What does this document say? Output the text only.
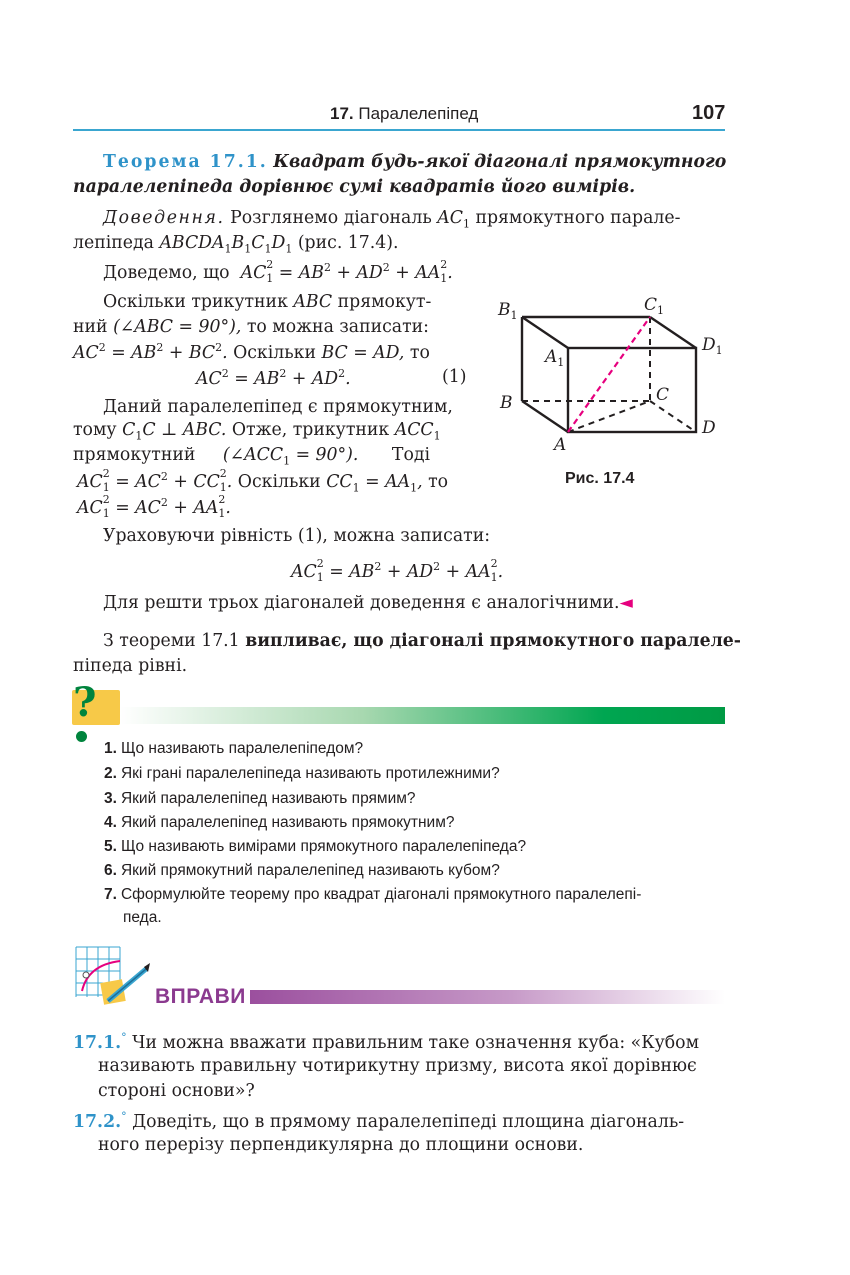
17. Паралелепіпед	107
Теорема 17.1. Квадрат будь-якої діагоналі прямокутного
паралелепіпеда дорівнює сумі квадратів його вимірів.
Доведення. Розглянемо діагональ $AC_1$ прямокутного парале-
лепіпеда $ABCDA_1B_1C_1D_1$ (рис. 17.4).
Доведемо, що AC $_{2 1} = AB^2 + AD^2$ + AA $_{2 1}$.
Оскільки трикутник ABC прямокут-
ний (∠ABC = 90°), то можна записати:
$AC^2 = AB^2 + BC^2$. Оскільки BC = AD, то
$AC^2 = AB^2 + AD^2$.	(1)
Даний паралелепіпед є прямокутним,
тому $C_1C$ ⊥ ABC. Отже, трикутник $ACC_1$
прямокутний $(\angle ACC_1 = 90^\circ)$. Тоді
AC $_{2 1} = AC^2$ + CC $_{2 1}$. Оскільки $CC_1 = AA_1$, то
AC $_{2 1} = AC^2$ + AA $_{2 1}$.
$B_1$
$C_1$
$D_1$
$A_1$
B	C
D
A
Рис. 17.4
Ураховуючи рівність (1), можна записати:
AC $_{2 1} = AB^2 + AD^2$ + AA $_{2 1}$.
Для решти трьох діагоналей доведення є аналогічними.◄
З теореми 17.1 випливає, що діагоналі прямокутного паралеле-
піпеда рівні.
?
1. Що називають паралелепіпедом?
2. Які грані паралелепіпеда називають протилежними?
3. Який паралелепіпед називають прямим?
4. Який паралелепіпед називають прямокутним?
5. Що називають вимірами прямокутного паралелепіпеда?
6. Який прямокутний паралелепіпед називають кубом?
7. Сформулюйте теорему про квадрат діагоналі прямокутного паралелепі-
педа.
ВПРАВИ
17.1.° Чи можна вважати правильним таке означення куба: «Кубом
називають правильну чотирикутну призму, висота якої дорівнює
стороні основи»?
17.2.° Доведіть, що в прямому паралелепіпеді площина діагональ-
ного перерізу перпендикулярна до площини основи.
